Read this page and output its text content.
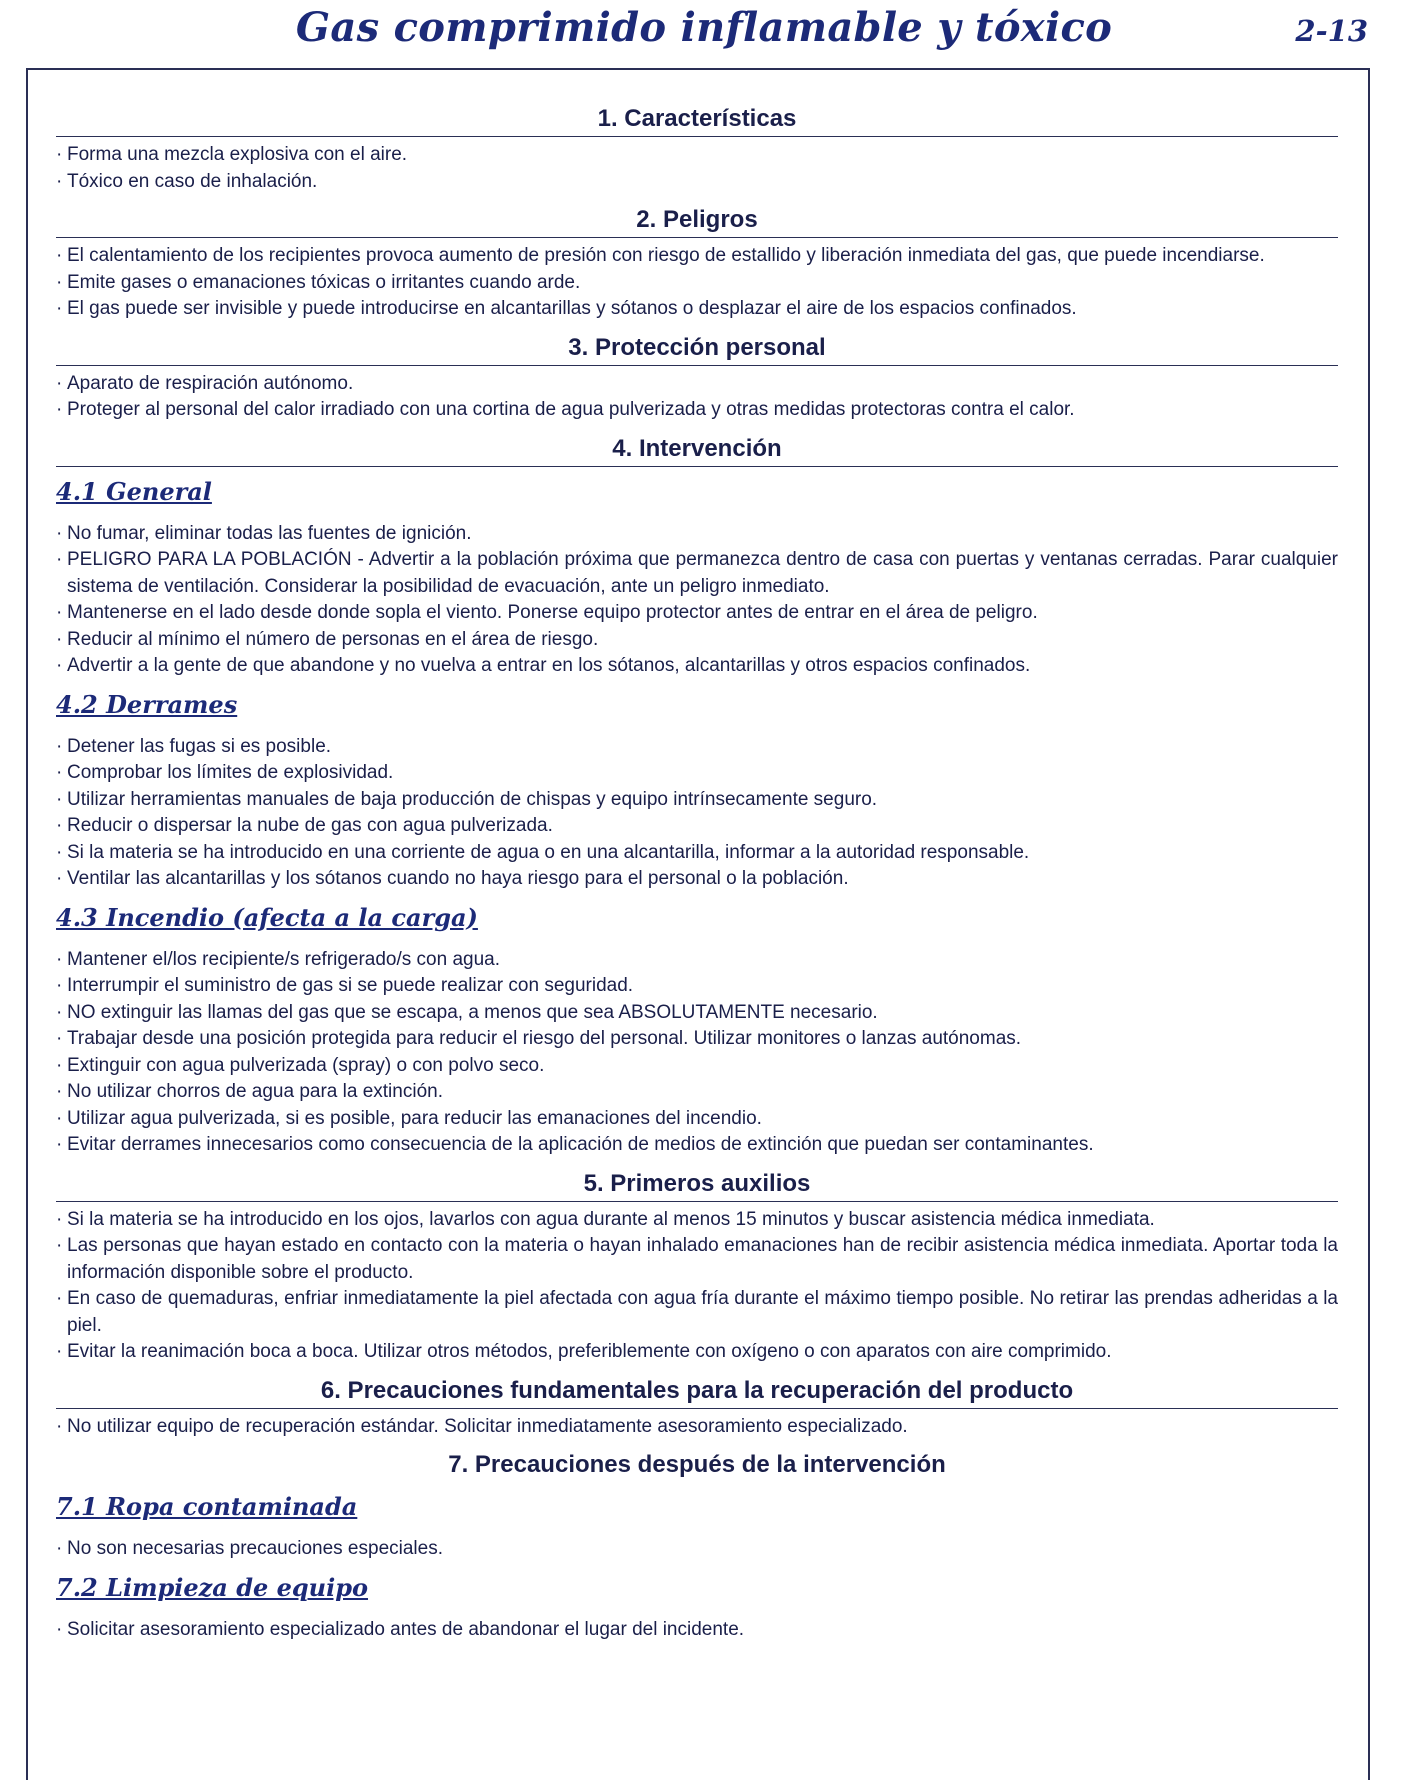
Gas comprimido inflamable y tóxico	2-13
1. Características
· Forma una mezcla explosiva con el aire.
· Tóxico en caso de inhalación.
2. Peligros
· El calentamiento de los recipientes provoca aumento de presión con riesgo de estallido y liberación inmediata del gas, que puede incendiarse.
· Emite gases o emanaciones tóxicas o irritantes cuando arde.
· El gas puede ser invisible y puede introducirse en alcantarillas y sótanos o desplazar el aire de los espacios confinados.
3. Protección personal
· Aparato de respiración autónomo.
· Proteger al personal del calor irradiado con una cortina de agua pulverizada y otras medidas protectoras contra el calor.
4. Intervención
4.1 General
· No fumar, eliminar todas las fuentes de ignición.
· PELIGRO PARA LA POBLACIÓN - Advertir a la población próxima que permanezca dentro de casa con puertas y ventanas cerradas. Parar cualquier sistema de ventilación. Considerar la posibilidad de evacuación, ante un peligro inmediato.
· Mantenerse en el lado desde donde sopla el viento. Ponerse equipo protector antes de entrar en el área de peligro.
· Reducir al mínimo el número de personas en el área de riesgo.
· Advertir a la gente de que abandone y no vuelva a entrar en los sótanos, alcantarillas y otros espacios confinados.
4.2 Derrames
· Detener las fugas si es posible.
· Comprobar los límites de explosividad.
· Utilizar herramientas manuales de baja producción de chispas y equipo intrínsecamente seguro.
· Reducir o dispersar la nube de gas con agua pulverizada.
· Si la materia se ha introducido en una corriente de agua o en una alcantarilla, informar a la autoridad responsable.
· Ventilar las alcantarillas y los sótanos cuando no haya riesgo para el personal o la población.
4.3 Incendio (afecta a la carga)
· Mantener el/los recipiente/s refrigerado/s con agua.
· Interrumpir el suministro de gas si se puede realizar con seguridad.
· NO extinguir las llamas del gas que se escapa, a menos que sea ABSOLUTAMENTE necesario.
· Trabajar desde una posición protegida para reducir el riesgo del personal. Utilizar monitores o lanzas autónomas.
· Extinguir con agua pulverizada (spray) o con polvo seco.
· No utilizar chorros de agua para la extinción.
· Utilizar agua pulverizada, si es posible, para reducir las emanaciones del incendio.
· Evitar derrames innecesarios como consecuencia de la aplicación de medios de extinción que puedan ser contaminantes.
5. Primeros auxilios
· Si la materia se ha introducido en los ojos, lavarlos con agua durante al menos 15 minutos y buscar asistencia médica inmediata.
· Las personas que hayan estado en contacto con la materia o hayan inhalado emanaciones han de recibir asistencia médica inmediata. Aportar toda la información disponible sobre el producto.
· En caso de quemaduras, enfriar inmediatamente la piel afectada con agua fría durante el máximo tiempo posible. No retirar las prendas adheridas a la piel.
· Evitar la reanimación boca a boca. Utilizar otros métodos, preferiblemente con oxígeno o con aparatos con aire comprimido.
6. Precauciones fundamentales para la recuperación del producto
· No utilizar equipo de recuperación estándar. Solicitar inmediatamente asesoramiento especializado.
7. Precauciones después de la intervención
7.1 Ropa contaminada
· No son necesarias precauciones especiales.
7.2 Limpieza de equipo
· Solicitar asesoramiento especializado antes de abandonar el lugar del incidente.
